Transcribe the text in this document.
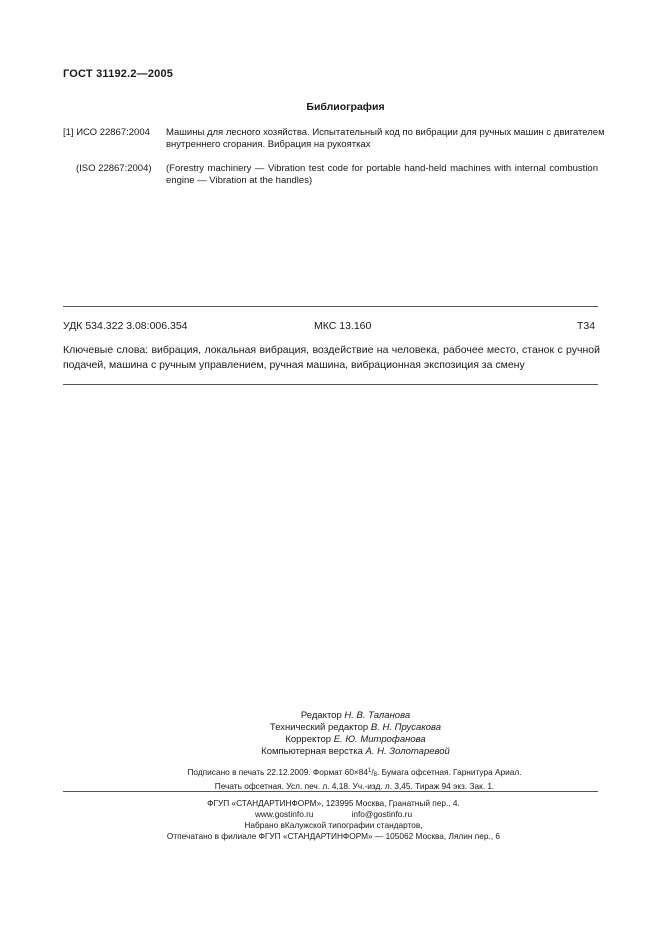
ГОСТ 31192.2—2005
Библиография
[1] ИСО 22867:2004 Машины для лесного хозяйства. Испытательный код по вибрации для ручных машин с двигателем внутреннего сгорания. Вибрация на рукоятках
(ISO 22867:2004) (Forestry machinery — Vibration test code for portable hand-held machines with internal combustion engine — Vibration at the handles)
УДК 534.322 3.08:006.354	МКС 13.160	Т34
Ключевые слова: вибрация, локальная вибрация, воздействие на человека, рабочее место, станок с ручной подачей, машина с ручным управлением, ручная машина, вибрационная экспозиция за смену
Редактор Н. В. Таланова
Технический редактор В. Н. Прусакова
Корректор Е. Ю. Митрофанова
Компьютерная верстка А. Н. Золотаревой
Подписано в печать 22.12.2009. Формат $60\times 84^1/_8$. Бумага офсетная. Гарнитура Ариал.
Печать офсетная. Усл. печ. л. 4,18. Уч.-изд. л. 3,45. Тираж 94 экз. Зак. 1.
ФГУП «СТАНДАРТИНФОРМ», 123995 Москва, Гранатный пер., 4.
www.gostinfo.ru	info@gostinfo.ru
Набрано вКалужской типографии стандартов,
Отпечатано в филиале ФГУП «СТАНДАРТИНФОРМ» — 105062 Москва, Лялин пер., 6
